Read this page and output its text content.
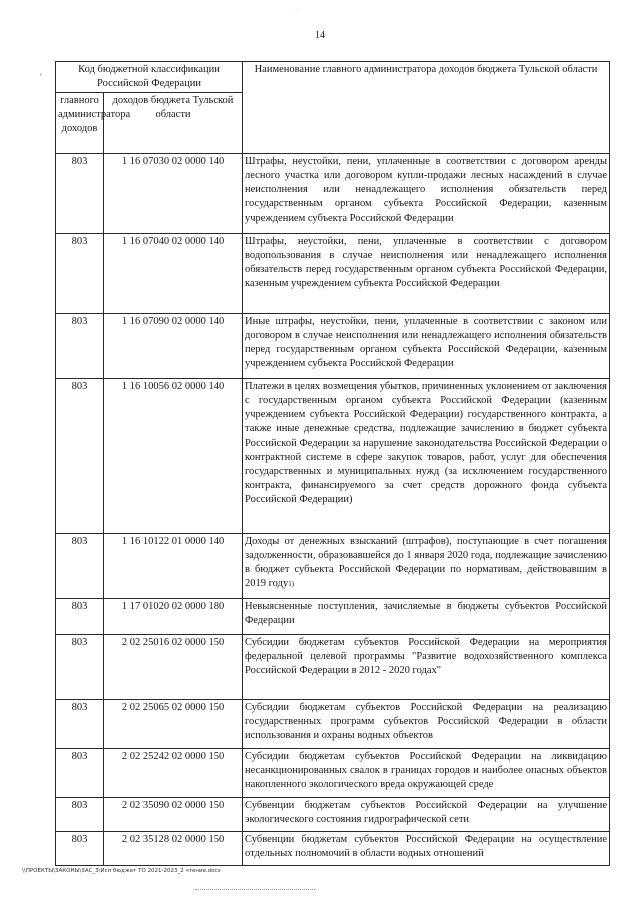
· · ·
14
′
Код бюджетной классификации Российской Федерации		Наименование главного администратора доходов бюджета Тульской области
главного администратора доходов	доходов бюджета Тульской области	
803	1 16 07030 02 0000 140	Штрафы, неустойки, пени, уплаченные в соответствии с договором аренды лесного участка или договором купли-продажи лесных насаждений в случае неисполнения или ненадлежащего исполнения обязательств перед государственным органом субъекта Российской Федерации, казенным учреждением субъекта Российской Федерации
803	1 16 07040 02 0000 140	Штрафы, неустойки, пени, уплаченные в соответствии с договором водопользования в случае неисполнения или ненадлежащего исполнения обязательств перед государственным органом субъекта Российской Федерации, казенным учреждением субъекта Российской Федерации
803	1 16 07090 02 0000 140	Иные штрафы, неустойки, пени, уплаченные в соответствии с законом или договором в случае неисполнения или ненадлежащего исполнения обязательств перед государственным органом субъекта Российской Федерации, казенным учреждением субъекта Российской Федерации
803	1 16 10056 02 0000 140	Платежи в целях возмещения убытков, причиненных уклонением от заключения с государственным органом субъекта Российской Федерации (казенным учреждением субъекта Российской Федерации) государственного контракта, а также иные денежные средства, подлежащие зачислению в бюджет субъекта Российской Федерации за нарушение законодательства Российской Федерации о контрактной системе в сфере закупок товаров, работ, услуг для обеспечения государственных и муниципальных нужд (за исключением государственного контракта, финансируемого за счет средств дорожного фонда субъекта Российской Федерации)
803	1 16 10122 01 0000 140	Доходы от денежных взысканий (штрафов), поступающие в счет погашения задолженности, образовавшейся до 1 января 2020 года, подлежащие зачислению в бюджет субъекта Российской Федерации по нормативам, действовавшим в 2019 году$^{1)}$
803	1 17 01020 02 0000 180	Невыясненные поступления, зачисляемые в бюджеты субъектов Российской Федерации
803	2 02 25016 02 0000 150	Субсидии бюджетам субъектов Российской Федерации на мероприятия федеральной целевой программы "Развитие водохозяйственного комплекса Российской Федерации в 2012 - 2020 годах"
803	2 02 25065 02 0000 150	Субсидии бюджетам субъектов Российской Федерации на реализацию государственных программ субъектов Российской Федерации в области использования и охраны водных объектов
803	2 02 25242 02 0000 150	Субсидии бюджетам субъектов Российской Федерации на ликвидацию несанкционированных свалок в границах городов и наиболее опасных объектов накопленного экологического вреда окружающей среде
803	2 02 35090 02 0000 150	Субвенции бюджетам субъектов Российской Федерации на улучшение экологического состояния гидрографической сети
803	2 02 35128 02 0000 150	Субвенции бюджетам субъектов Российской Федерации на осуществление отдельных полномочий в области водных отношений
\\ПРОЕКТЫ\ЗАКОНЫ\ЗАС_3\Исп бюджет ТО 2021-2023_2 чтение.docx
